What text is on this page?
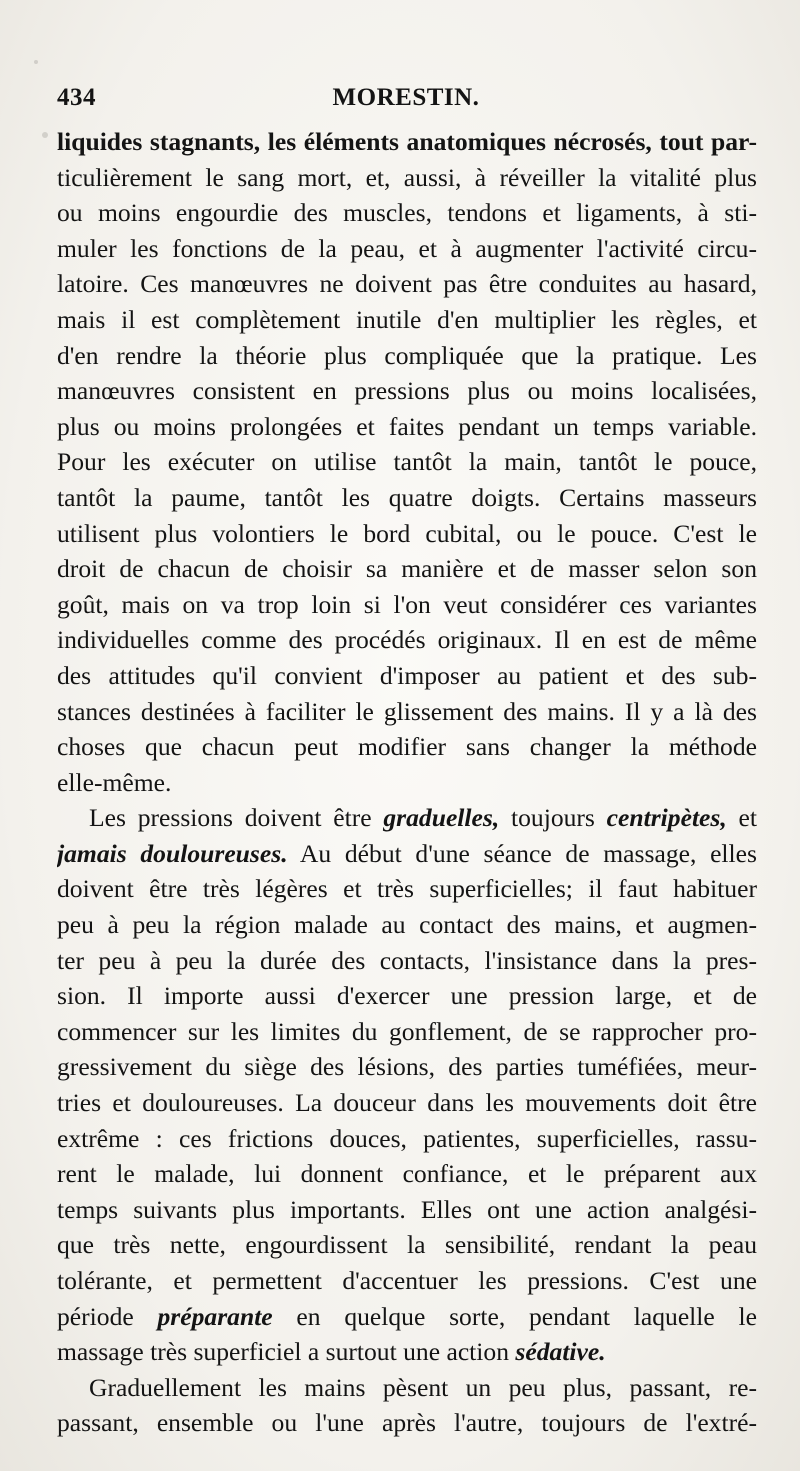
434	MORESTIN.
liquides stagnants, les éléments anatomiques nécrosés, tout par-
ticulièrement le sang mort, et, aussi, à réveiller la vitalité plus
ou moins engourdie des muscles, tendons et ligaments, à sti-
muler les fonctions de la peau, et à augmenter l'activité circu-
latoire. Ces manœuvres ne doivent pas être conduites au hasard,
mais il est complètement inutile d'en multiplier les règles, et
d'en rendre la théorie plus compliquée que la pratique. Les
manœuvres consistent en pressions plus ou moins localisées,
plus ou moins prolongées et faites pendant un temps variable.
Pour les exécuter on utilise tantôt la main, tantôt le pouce,
tantôt la paume, tantôt les quatre doigts. Certains masseurs
utilisent plus volontiers le bord cubital, ou le pouce. C'est le
droit de chacun de choisir sa manière et de masser selon son
goût, mais on va trop loin si l'on veut considérer ces variantes
individuelles comme des procédés originaux. Il en est de même
des attitudes qu'il convient d'imposer au patient et des sub-
stances destinées à faciliter le glissement des mains. Il y a là des
choses que chacun peut modifier sans changer la méthode
elle-même.
Les pressions doivent être graduelles, toujours centripètes, et
jamais douloureuses. Au début d'une séance de massage, elles
doivent être très légères et très superficielles; il faut habituer
peu à peu la région malade au contact des mains, et augmen-
ter peu à peu la durée des contacts, l'insistance dans la pres-
sion. Il importe aussi d'exercer une pression large, et de
commencer sur les limites du gonflement, de se rapprocher pro-
gressivement du siège des lésions, des parties tuméfiées, meur-
tries et douloureuses. La douceur dans les mouvements doit être
extrême : ces frictions douces, patientes, superficielles, rassu-
rent le malade, lui donnent confiance, et le préparent aux
temps suivants plus importants. Elles ont une action analgési-
que très nette, engourdissent la sensibilité, rendant la peau
tolérante, et permettent d'accentuer les pressions. C'est une
période préparante en quelque sorte, pendant laquelle le
massage très superficiel a surtout une action sédative.
Graduellement les mains pèsent un peu plus, passant, re-
passant, ensemble ou l'une après l'autre, toujours de l'extré-
